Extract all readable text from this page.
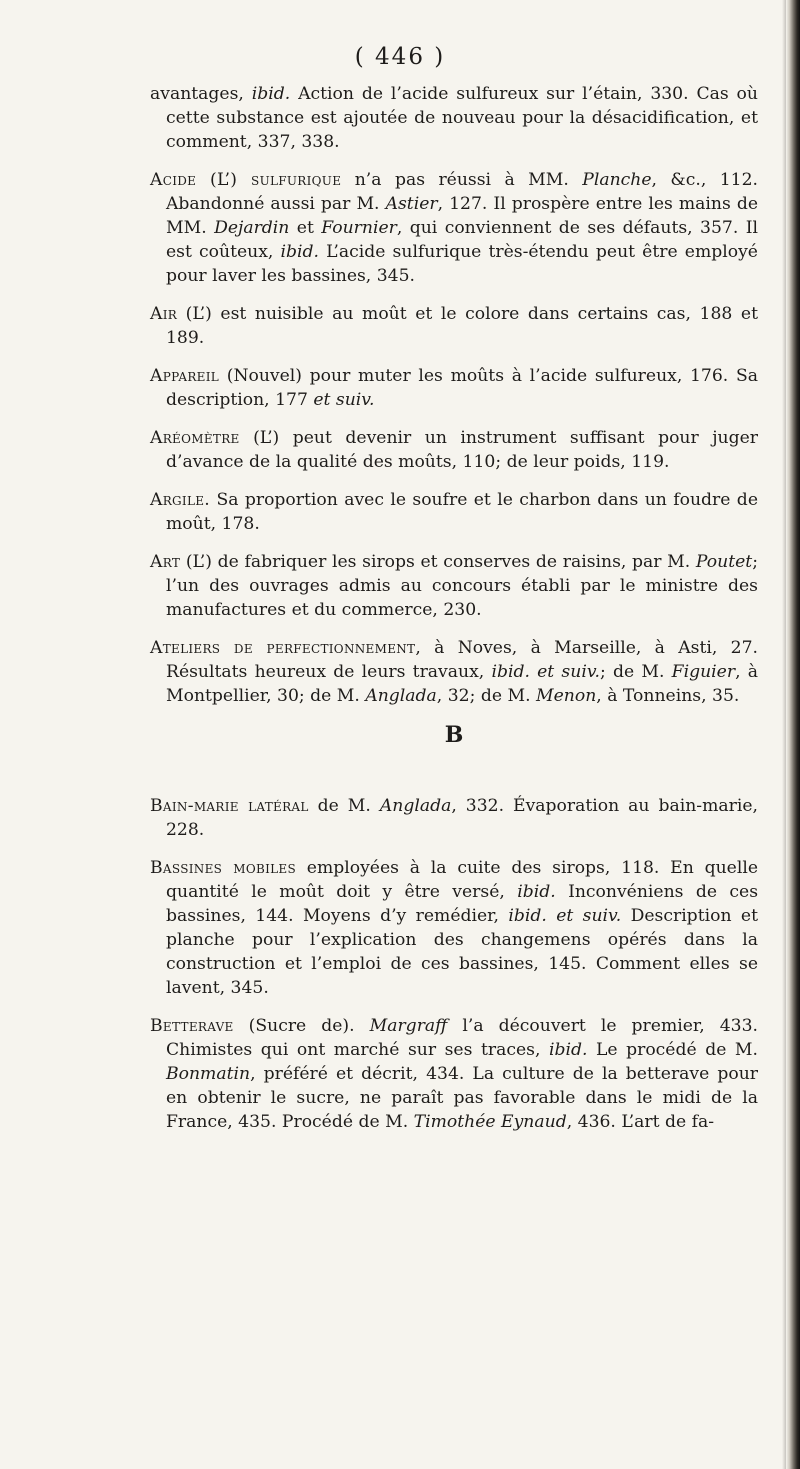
( 446 )
avantages, ibid. Action de l’acide sulfureux sur l’étain, 330. Cas où cette substance est ajoutée de nouveau pour la désacidification, et comment, 337, 338.
Acide (L’) sulfurique n’a pas réussi à MM. Planche, &c., 112. Abandonné aussi par M. Astier, 127. Il prospère entre les mains de MM. Dejardin et Fournier, qui conviennent de ses défauts, 357. Il est coûteux, ibid. L’acide sulfurique très-étendu peut être employé pour laver les bassines, 345.
Air (L’) est nuisible au moût et le colore dans certains cas, 188 et 189.
Appareil (Nouvel) pour muter les moûts à l’acide sulfureux, 176. Sa description, 177 et suiv.
Aréomètre (L’) peut devenir un instrument suffisant pour juger d’avance de la qualité des moûts, 110; de leur poids, 119.
Argile. Sa proportion avec le soufre et le charbon dans un foudre de moût, 178.
Art (L’) de fabriquer les sirops et conserves de raisins, par M. Poutet; l’un des ouvrages admis au concours établi par le ministre des manufactures et du commerce, 230.
Ateliers de perfectionnement, à Noves, à Marseille, à Asti, 27. Résultats heureux de leurs travaux, ibid. et suiv.; de M. Figuier, à Montpellier, 30; de M. Anglada, 32; de M. Menon, à Tonneins, 35.
B
Bain-marie latéral de M. Anglada, 332. Évaporation au bain-marie, 228.
Bassines mobiles employées à la cuite des sirops, 118. En quelle quantité le moût doit y être versé, ibid. Inconvéniens de ces bassines, 144. Moyens d’y remédier, ibid. et suiv. Description et planche pour l’explication des changemens opérés dans la construction et l’emploi de ces bassines, 145. Comment elles se lavent, 345.
Betterave (Sucre de). Margraff l’a découvert le premier, 433. Chimistes qui ont marché sur ses traces, ibid. Le procédé de M. Bonmatin, préféré et décrit, 434. La culture de la betterave pour en obtenir le sucre, ne paraît pas favorable dans le midi de la France, 435. Procédé de M. Timothée Eynaud, 436. L’art de fa-
